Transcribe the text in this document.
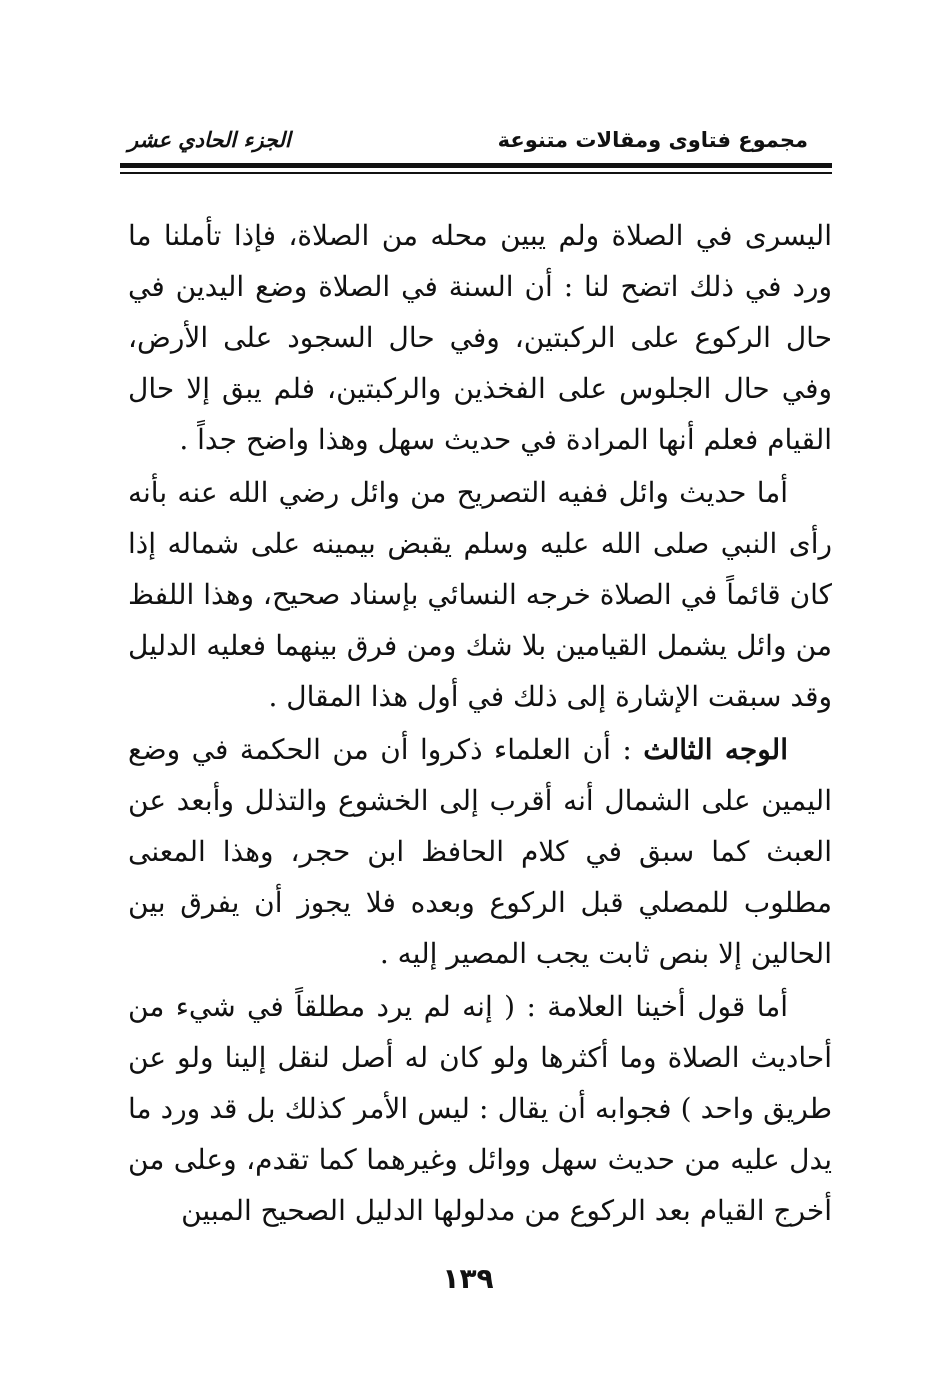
مجموع فتاوى ومقالات متنوعة
الجزء الحادي عشر

اليسرى في الصلاة ولم يبين محله من الصلاة، فإذا تأملنا ما ورد في ذلك اتضح لنا : أن السنة في الصلاة وضع اليدين في حال الركوع على الركبتين، وفي حال السجود على الأرض، وفي حال الجلوس على الفخذين والركبتين، فلم يبق إلا حال القيام فعلم أنها المرادة في حديث سهل وهذا واضح جداً .

أما حديث وائل ففيه التصريح من وائل رضي الله عنه بأنه رأى النبي صلى الله عليه وسلم يقبض بيمينه على شماله إذا كان قائماً في الصلاة خرجه النسائي بإسناد صحيح، وهذا اللفظ من وائل يشمل القيامين بلا شك ومن فرق بينهما فعليه الدليل وقد سبقت الإشارة إلى ذلك في أول هذا المقال .

الوجه الثالث : أن العلماء ذكروا أن من الحكمة في وضع اليمين على الشمال أنه أقرب إلى الخشوع والتذلل وأبعد عن العبث كما سبق في كلام الحافظ ابن حجر، وهذا المعنى مطلوب للمصلي قبل الركوع وبعده فلا يجوز أن يفرق بين الحالين إلا بنص ثابت يجب المصير إليه .

أما قول أخينا العلامة : ( إنه لم يرد مطلقاً في شيء من أحاديث الصلاة وما أكثرها ولو كان له أصل لنقل إلينا ولو عن طريق واحد ) فجوابه أن يقال : ليس الأمر كذلك بل قد ورد ما يدل عليه من حديث سهل ووائل وغيرهما كما تقدم، وعلى من أخرج القيام بعد الركوع من مدلولها الدليل الصحيح المبين

١٣٩
